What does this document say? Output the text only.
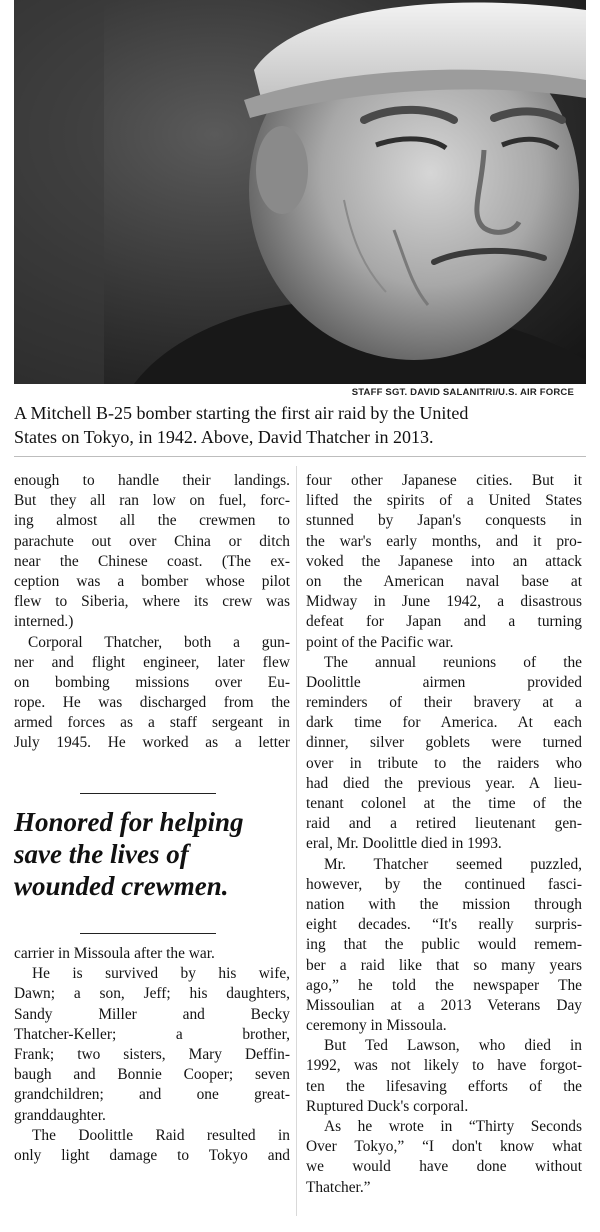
STAFF SGT. DAVID SALANITRI/U.S. AIR FORCE
A Mitchell B-25 bomber starting the first air raid by the United
States on Tokyo, in 1942. Above, David Thatcher in 2013.
enough to handle their landings.
But they all ran low on fuel, forc-
ing almost all the crewmen to
parachute out over China or ditch
near the Chinese coast. (The ex-
ception was a bomber whose pilot
flew to Siberia, where its crew was
interned.)
Corporal Thatcher, both a gun-
ner and flight engineer, later flew
on bombing missions over Eu-
rope. He was discharged from the
armed forces as a staff sergeant in
July 1945. He worked as a letter
Honored for helping
save the lives of
wounded crewmen.
carrier in Missoula after the war.
He is survived by his wife,
Dawn; a son, Jeff; his daughters,
Sandy Miller and Becky
Thatcher-Keller; a brother,
Frank; two sisters, Mary Deffin-
baugh and Bonnie Cooper; seven
grandchildren; and one great-
granddaughter.
The Doolittle Raid resulted in
only light damage to Tokyo and
four other Japanese cities. But it
lifted the spirits of a United States
stunned by Japan's conquests in
the war's early months, and it pro-
voked the Japanese into an attack
on the American naval base at
Midway in June 1942, a disastrous
defeat for Japan and a turning
point of the Pacific war.
The annual reunions of the
Doolittle airmen provided
reminders of their bravery at a
dark time for America. At each
dinner, silver goblets were turned
over in tribute to the raiders who
had died the previous year. A lieu-
tenant colonel at the time of the
raid and a retired lieutenant gen-
eral, Mr. Doolittle died in 1993.
Mr. Thatcher seemed puzzled,
however, by the continued fasci-
nation with the mission through
eight decades. “It's really surpris-
ing that the public would remem-
ber a raid like that so many years
ago,” he told the newspaper The
Missoulian at a 2013 Veterans Day
ceremony in Missoula.
But Ted Lawson, who died in
1992, was not likely to have forgot-
ten the lifesaving efforts of the
Ruptured Duck's corporal.
As he wrote in “Thirty Seconds
Over Tokyo,” “I don't know what
we would have done without
Thatcher.”
